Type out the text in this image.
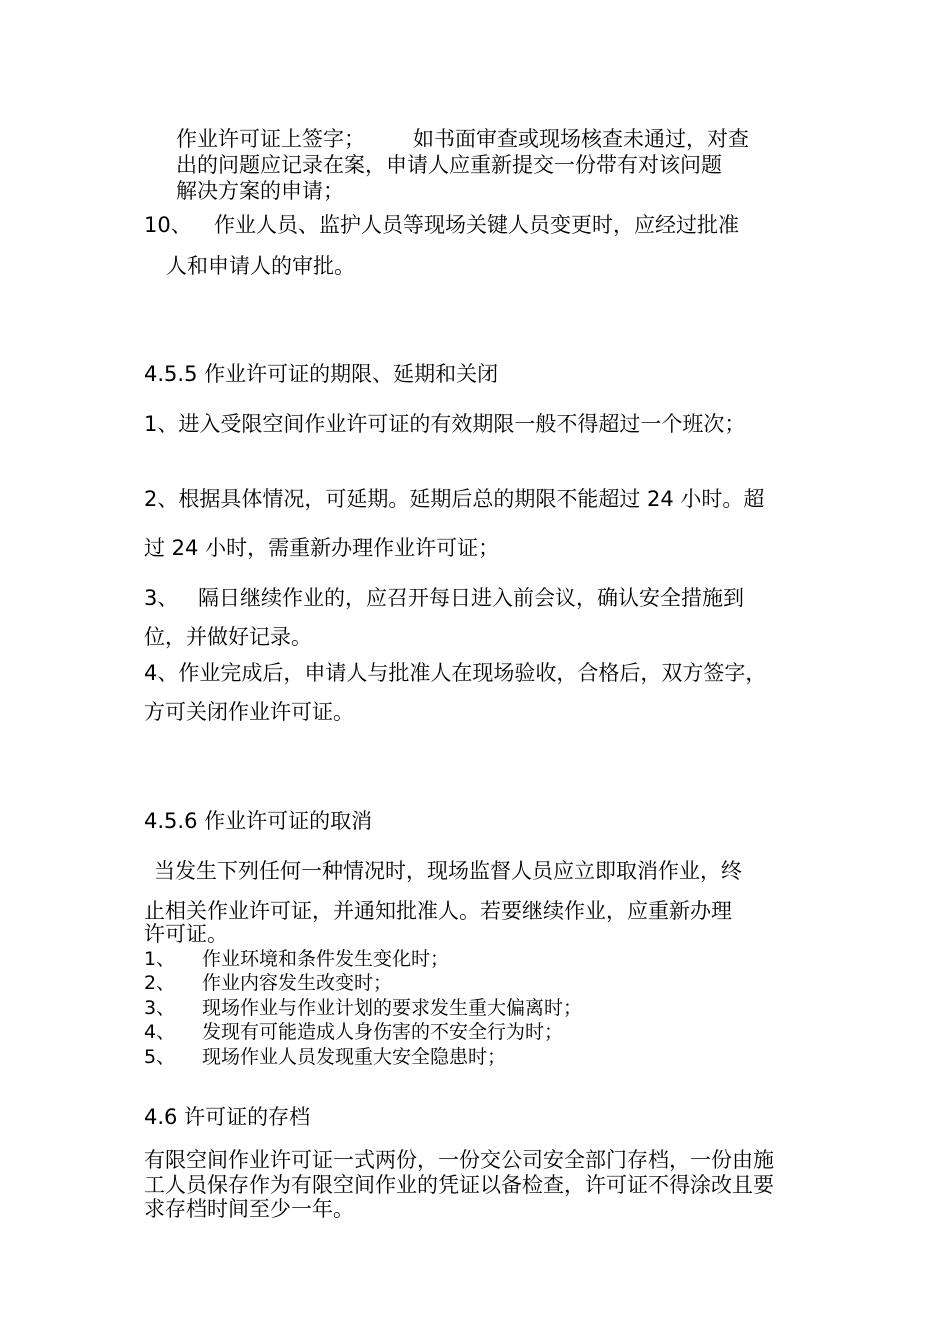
作业许可证上签字； 如书面审查或现场核查未通过，对查
出的问题应记录在案，申请人应重新提交一份带有对该问题
解决方案的申请；
10、 作业人员、监护人员等现场关键人员变更时，应经过批准
人和申请人的审批。
4.5.5 作业许可证的期限、延期和关闭
1、进入受限空间作业许可证的有效期限一般不得超过一个班次；
2、根据具体情况，可延期。延期后总的期限不能超过 24 小时。超
过 24 小时，需重新办理作业许可证；
3、 隔日继续作业的，应召开每日进入前会议，确认安全措施到
位，并做好记录。
4、作业完成后，申请人与批准人在现场验收，合格后，双方签字，
方可关闭作业许可证。
4.5.6 作业许可证的取消
当发生下列任何一种情况时，现场监督人员应立即取消作业，终
止相关作业许可证，并通知批准人。若要继续作业，应重新办理
许可证。
1、 作业环境和条件发生变化时；
2、 作业内容发生改变时；
3、 现场作业与作业计划的要求发生重大偏离时；
4、 发现有可能造成人身伤害的不安全行为时；
5、 现场作业人员发现重大安全隐患时；
4.6 许可证的存档
有限空间作业许可证一式两份，一份交公司安全部门存档，一份由施
工人员保存作为有限空间作业的凭证以备检查，许可证不得涂改且要
求存档时间至少一年。
